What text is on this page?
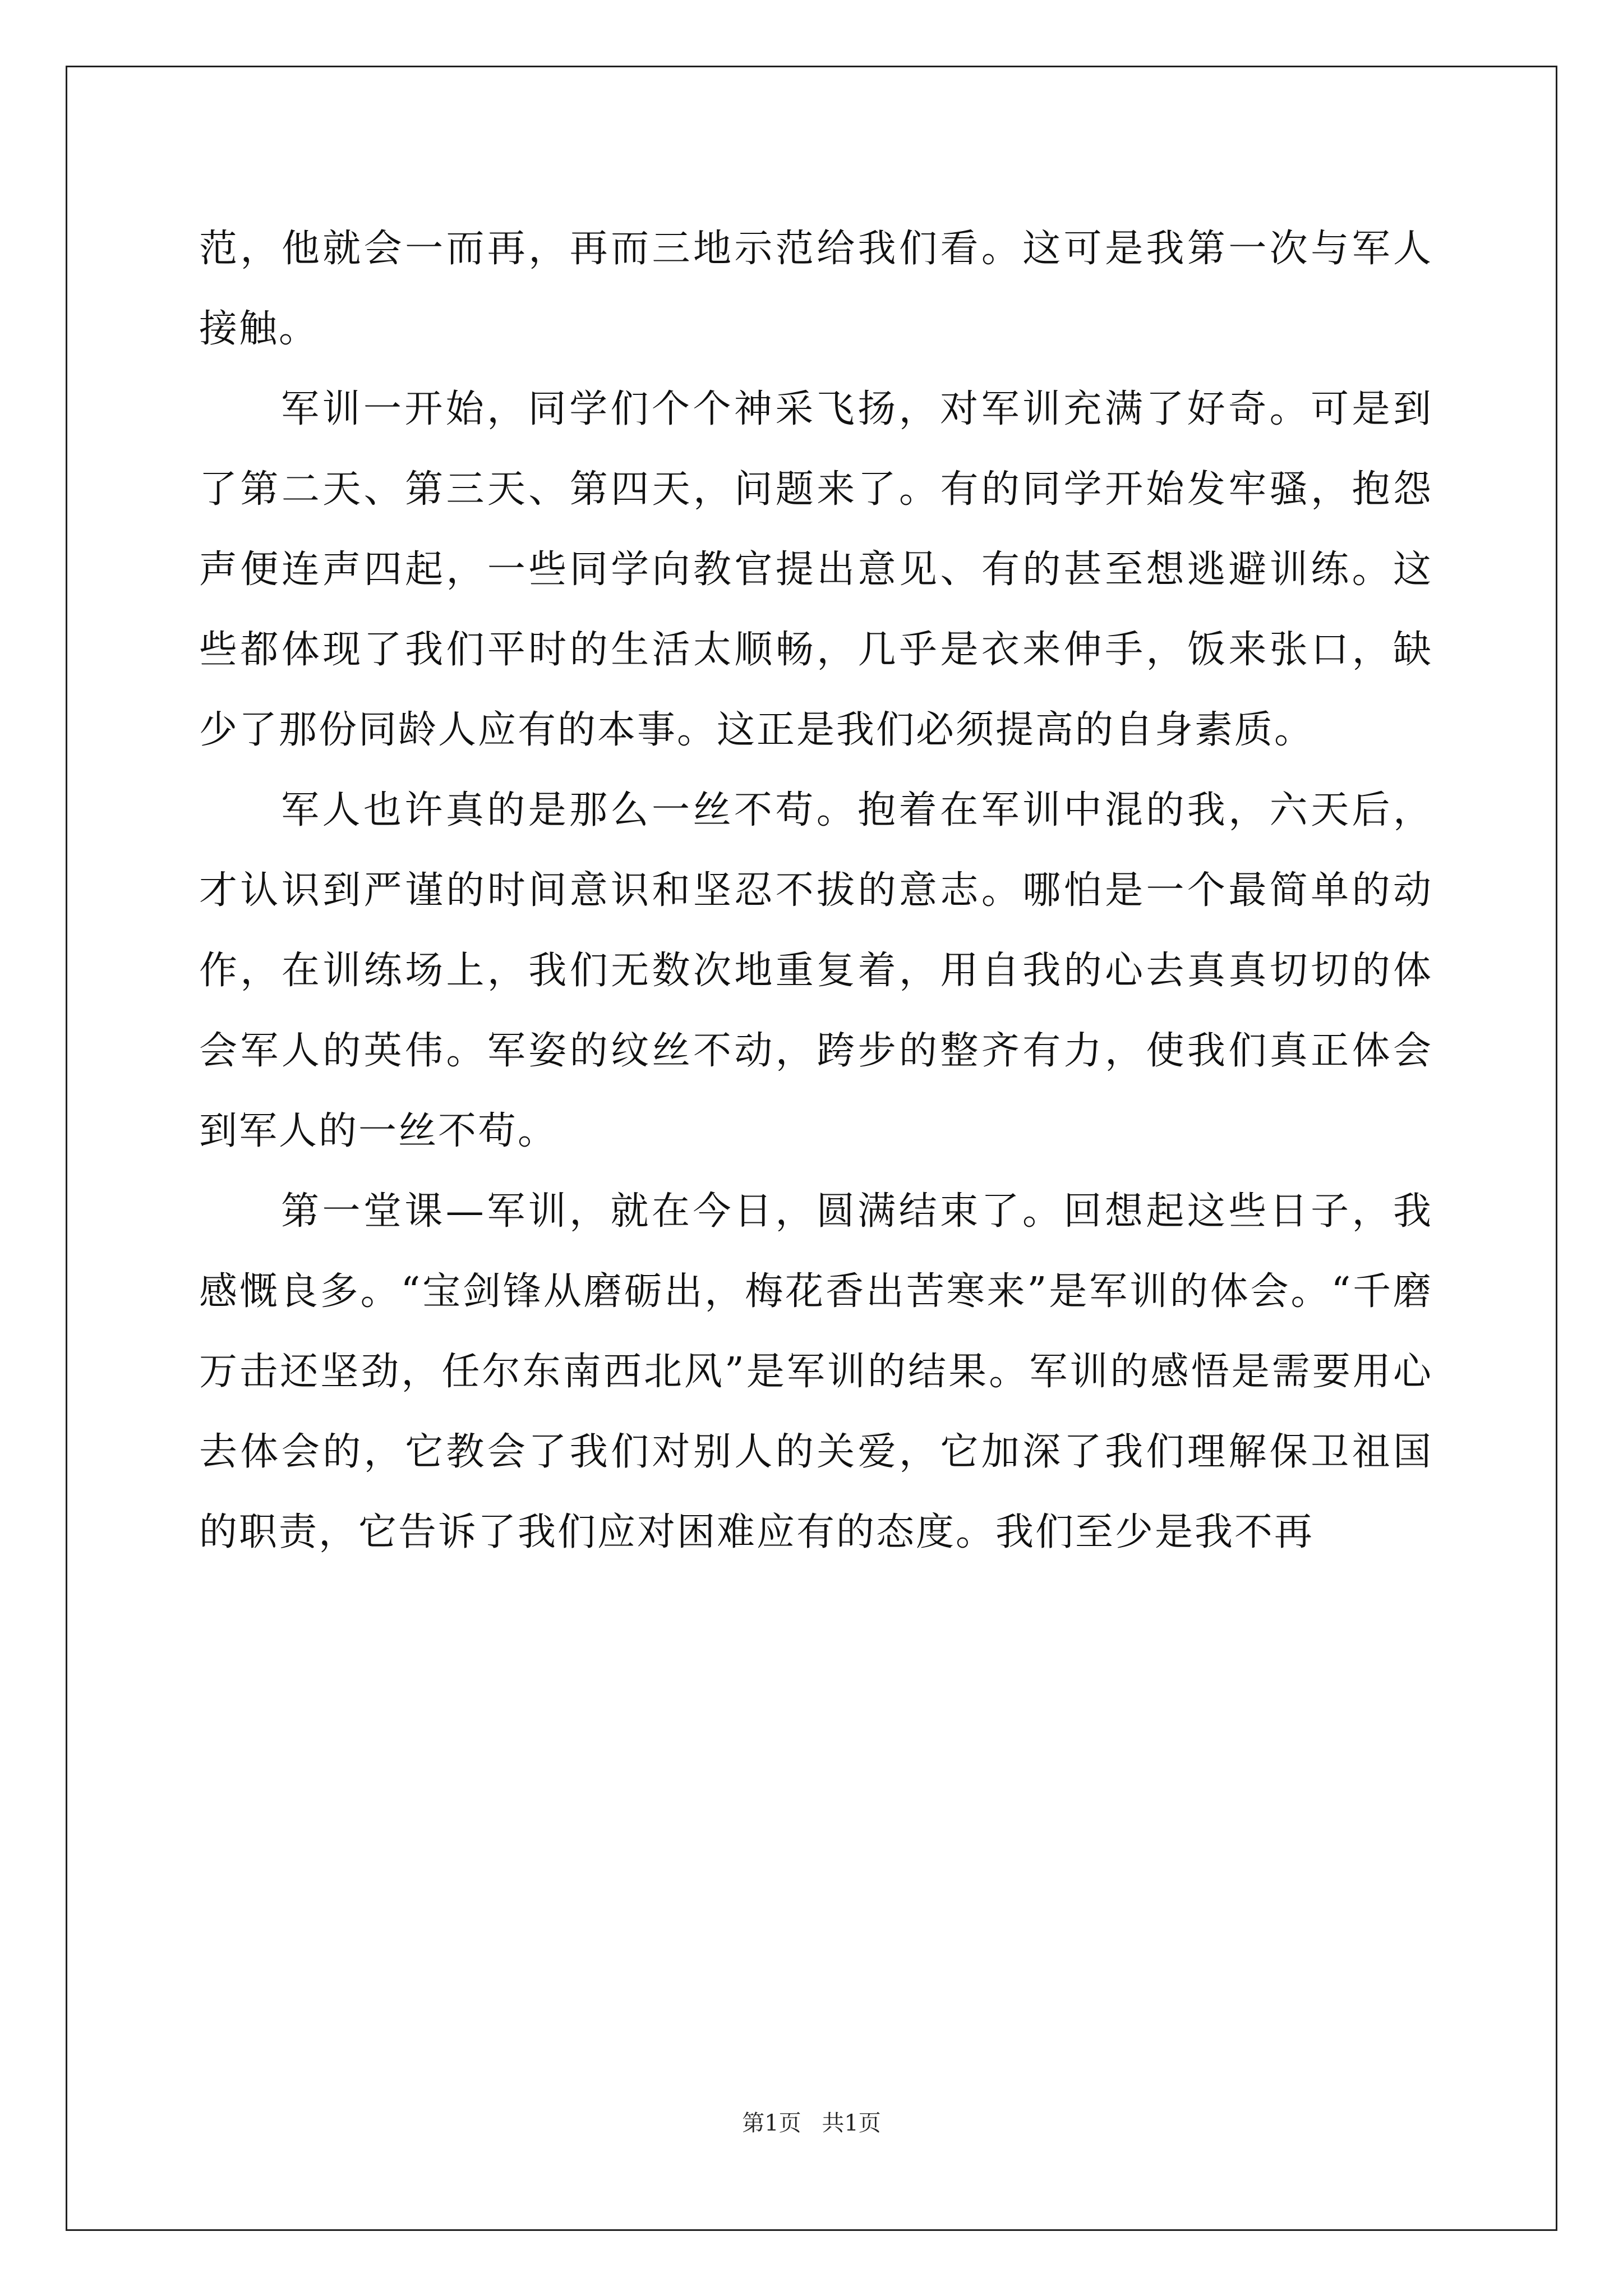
范，他就会一而再，再而三地示范给我们看。这可是我第一次与军人接触。

军训一开始，同学们个个神采飞扬，对军训充满了好奇。可是到了第二天、第三天、第四天，问题来了。有的同学开始发牢骚，抱怨声便连声四起，一些同学向教官提出意见、有的甚至想逃避训练。这些都体现了我们平时的生活太顺畅，几乎是衣来伸手，饭来张口，缺少了那份同龄人应有的本事。这正是我们必须提高的自身素质。

军人也许真的是那么一丝不苟。抱着在军训中混的我，六天后，才认识到严谨的时间意识和坚忍不拔的意志。哪怕是一个最简单的动作，在训练场上，我们无数次地重复着，用自我的心去真真切切的体会军人的英伟。军姿的纹丝不动，跨步的整齐有力，使我们真正体会到军人的一丝不苟。

第一堂课—军训，就在今日，圆满结束了。回想起这些日子，我感慨良多。“宝剑锋从磨砺出，梅花香出苦寒来”是军训的体会。“千磨万击还坚劲，任尔东南西北风”是军训的结果。军训的感悟是需要用心去体会的，它教会了我们对别人的关爱，它加深了我们理解保卫祖国的职责，它告诉了我们应对困难应有的态度。我们至少是我不再

第1页 共1页
